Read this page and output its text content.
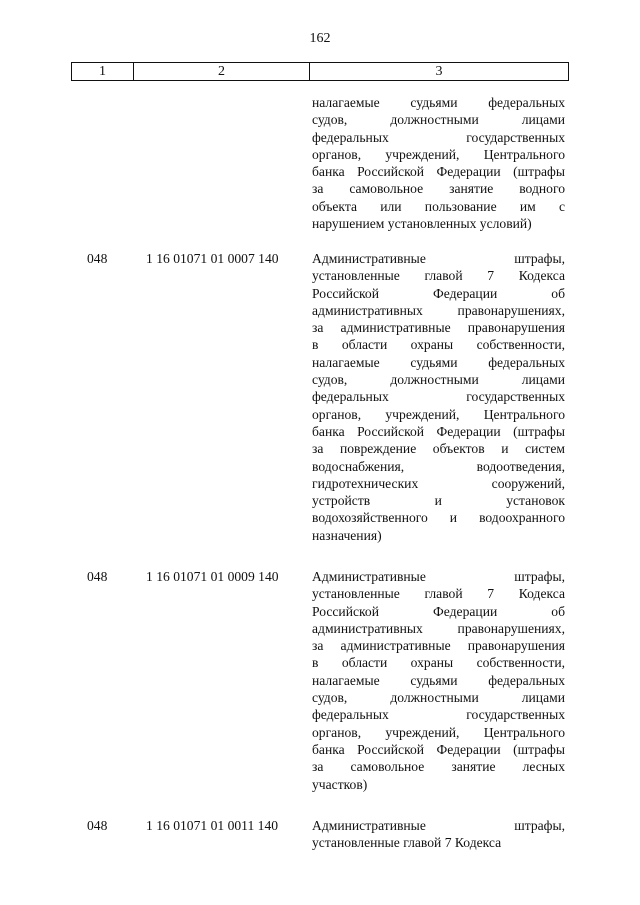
162
1	2	3
налагаемые судьями федеральных
судов, должностными лицами
федеральных государственных
органов, учреждений, Центрального
банка Российской Федерации (штрафы
за самовольное занятие водного
объекта или пользование им с
нарушением установленных условий)
048	1 16 01071 01 0007 140	Административные штрафы,
установленные главой 7 Кодекса
Российской Федерации об
административных правонарушениях,
за административные правонарушения
в области охраны собственности,
налагаемые судьями федеральных
судов, должностными лицами
федеральных государственных
органов, учреждений, Центрального
банка Российской Федерации (штрафы
за повреждение объектов и систем
водоснабжения, водоотведения,
гидротехнических сооружений,
устройств и установок
водохозяйственного и водоохранного
назначения)
048	1 16 01071 01 0009 140	Административные штрафы,
установленные главой 7 Кодекса
Российской Федерации об
административных правонарушениях,
за административные правонарушения
в области охраны собственности,
налагаемые судьями федеральных
судов, должностными лицами
федеральных государственных
органов, учреждений, Центрального
банка Российской Федерации (штрафы
за самовольное занятие лесных
участков)
048	1 16 01071 01 0011 140	Административные штрафы,
установленные главой 7 Кодекса
